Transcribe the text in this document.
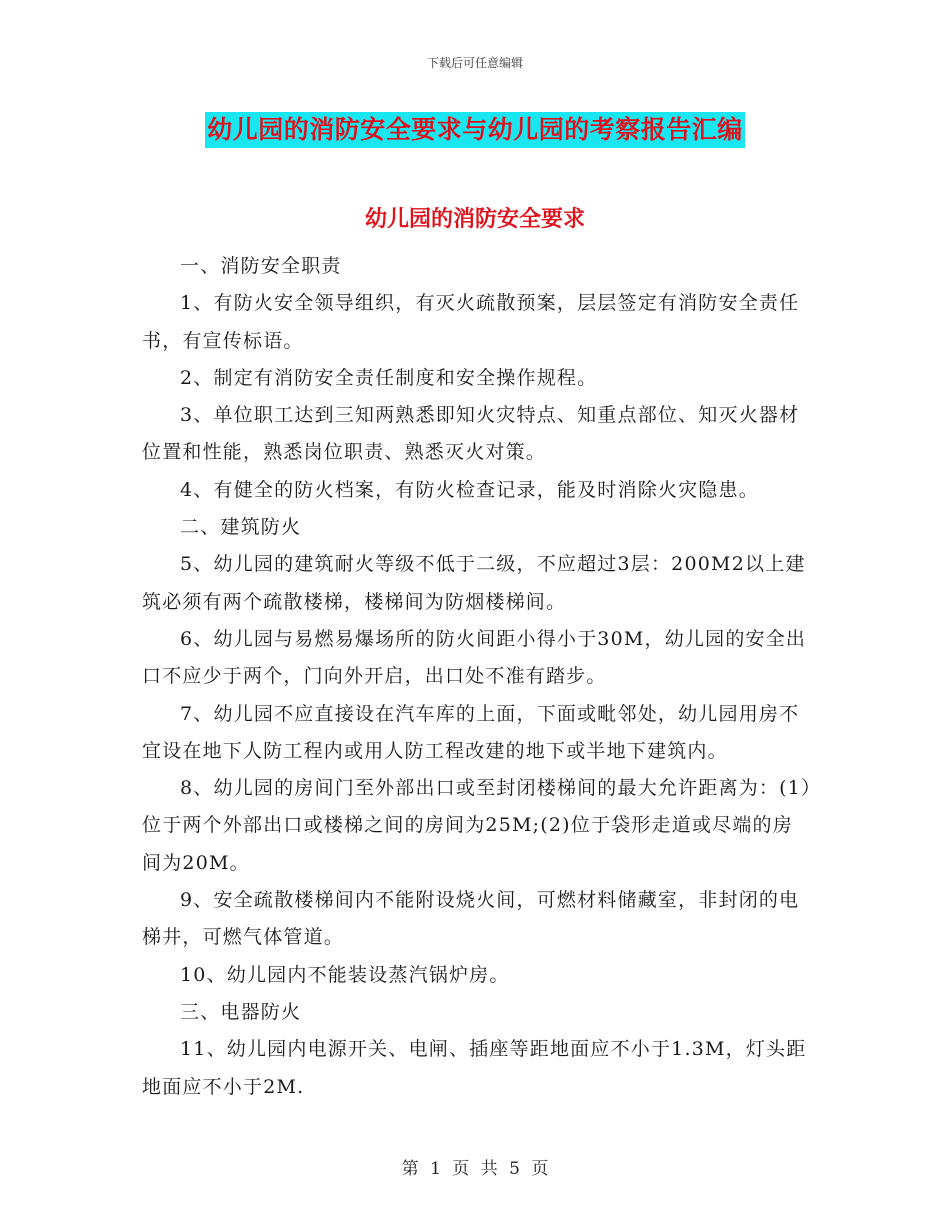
下载后可任意编辑
幼儿园的消防安全要求与幼儿园的考察报告汇编
幼儿园的消防安全要求

一、消防安全职责

1、有防火安全领导组织，有灭火疏散预案，层层签定有消防安全责任书，有宣传标语。

2、制定有消防安全责任制度和安全操作规程。

3、单位职工达到三知两熟悉即知火灾特点、知重点部位、知灭火器材位置和性能，熟悉岗位职责、熟悉灭火对策。

4、有健全的防火档案，有防火检查记录，能及时消除火灾隐患。

二、建筑防火

5、幼儿园的建筑耐火等级不低于二级，不应超过3层：200M2以上建筑必须有两个疏散楼梯，楼梯间为防烟楼梯间。

6、幼儿园与易燃易爆场所的防火间距小得小于30M，幼儿园的安全出口不应少于两个，门向外开启，出口处不准有踏步。

7、幼儿园不应直接设在汽车库的上面，下面或毗邻处，幼儿园用房不宜设在地下人防工程内或用人防工程改建的地下或半地下建筑内。

8、幼儿园的房间门至外部出口或至封闭楼梯间的最大允许距离为：(1）位于两个外部出口或楼梯之间的房间为25M;(2)位于袋形走道或尽端的房间为20M。

9、安全疏散楼梯间内不能附设烧火间，可燃材料储藏室，非封闭的电梯井，可燃气体管道。

10、幼儿园内不能装设蒸汽锅炉房。

三、电器防火

11、幼儿园内电源开关、电闸、插座等距地面应不小于1.3M，灯头距地面应不小于2M.

第 1 页 共 5 页
